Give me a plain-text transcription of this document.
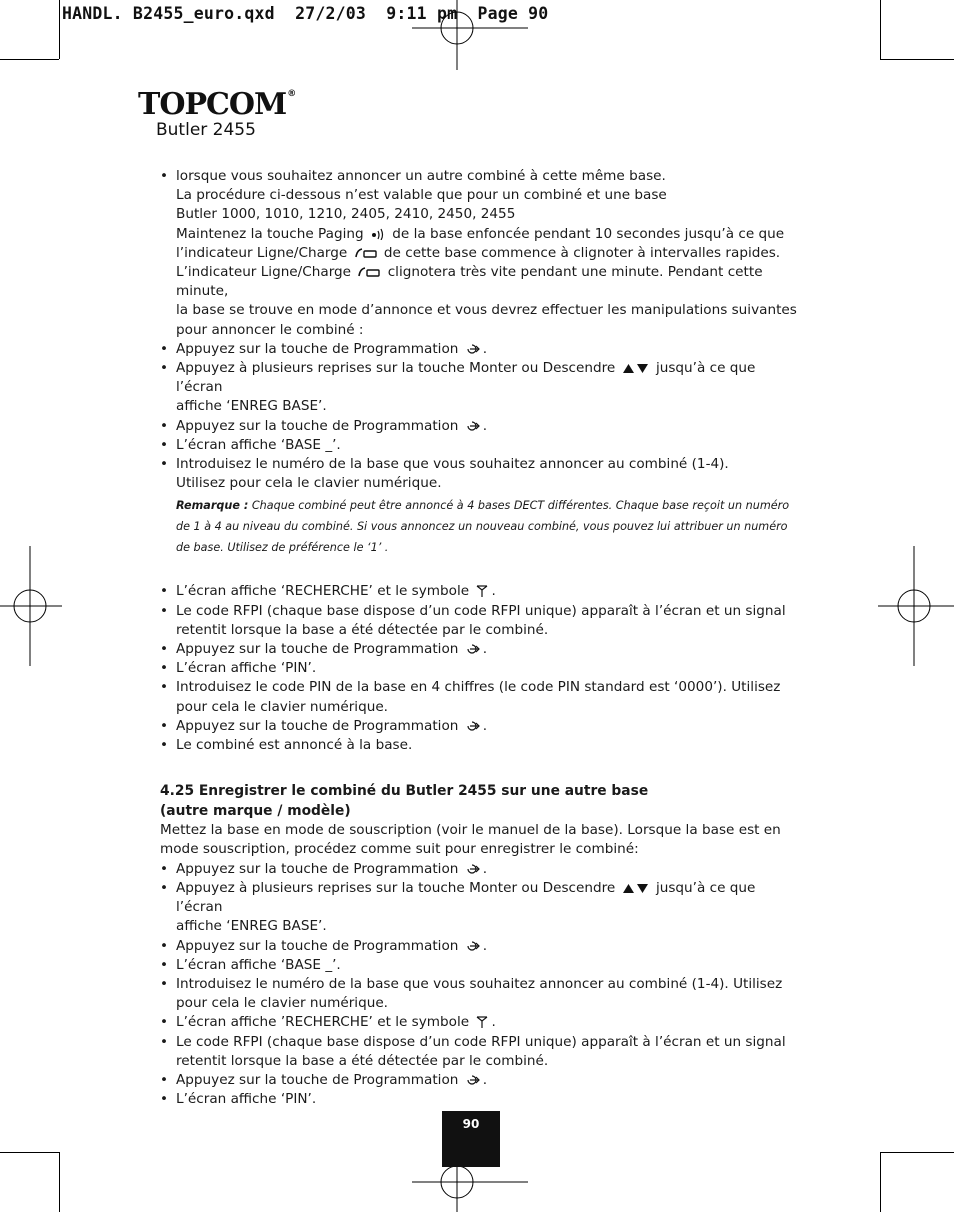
HANDL. B2455_euro.qxd  27/2/03  9:11 pm  Page 90
TOPCOM®
Butler 2455
• lorsque vous souhaitez annoncer un autre combiné à cette même base.
La procédure ci-dessous n’est valable que pour un combiné et une base
Butler 1000, 1010, 1210, 2405, 2410, 2450, 2455
Maintenez la touche Paging de la base enfoncée pendant 10 secondes jusqu’à ce que
l’indicateur Ligne/Charge	de cette base commence à clignoter à intervalles rapides.
L’indicateur Ligne/Charge	clignotera très vite pendant une minute. Pendant cette minute,
la base se trouve en mode d’annonce et vous devrez effectuer les manipulations suivantes
pour annoncer le combiné :
• Appuyez sur la touche de Programmation .
• Appuyez à plusieurs reprises sur la touche Monter ou Descendre	jusqu’à ce que l’écran
affiche ‘ENREG BASE’.
• Appuyez sur la touche de Programmation .
• L’écran affiche ‘BASE _’.
• Introduisez le numéro de la base que vous souhaitez annoncer au combiné (1-4).
Utilisez pour cela le clavier numérique.
Remarque : Chaque combiné peut être annoncé à 4 bases DECT différentes. Chaque base reçoit un numéro
de 1 à 4 au niveau du combiné. Si vous annoncez un nouveau combiné, vous pouvez lui attribuer un numéro
de base. Utilisez de préférence le ‘1’ .
• L’écran affiche ‘RECHERCHE’ et le symbole .
• Le code RFPI (chaque base dispose d’un code RFPI unique) apparaît à l’écran et un signal
retentit lorsque la base a été détectée par le combiné.
• Appuyez sur la touche de Programmation .
• L’écran affiche ‘PIN’.
• Introduisez le code PIN de la base en 4 chiffres (le code PIN standard est ‘0000’). Utilisez
pour cela le clavier numérique.
• Appuyez sur la touche de Programmation .
• Le combiné est annoncé à la base.
4.25 Enregistrer le combiné du Butler 2455 sur une autre base
(autre marque / modèle)
Mettez la base en mode de souscription (voir le manuel de la base). Lorsque la base est en
mode souscription, procédez comme suit pour enregistrer le combiné:
• Appuyez sur la touche de Programmation .
• Appuyez à plusieurs reprises sur la touche Monter ou Descendre	jusqu’à ce que l’écran
affiche ‘ENREG BASE’.
• Appuyez sur la touche de Programmation .
• L’écran affiche ‘BASE _’.
• Introduisez le numéro de la base que vous souhaitez annoncer au combiné (1-4). Utilisez
pour cela le clavier numérique.
• L’écran affiche ’RECHERCHE’ et le symbole .
• Le code RFPI (chaque base dispose d’un code RFPI unique) apparaît à l’écran et un signal
retentit lorsque la base a été détectée par le combiné.
• Appuyez sur la touche de Programmation .
• L’écran affiche ‘PIN’.
90
